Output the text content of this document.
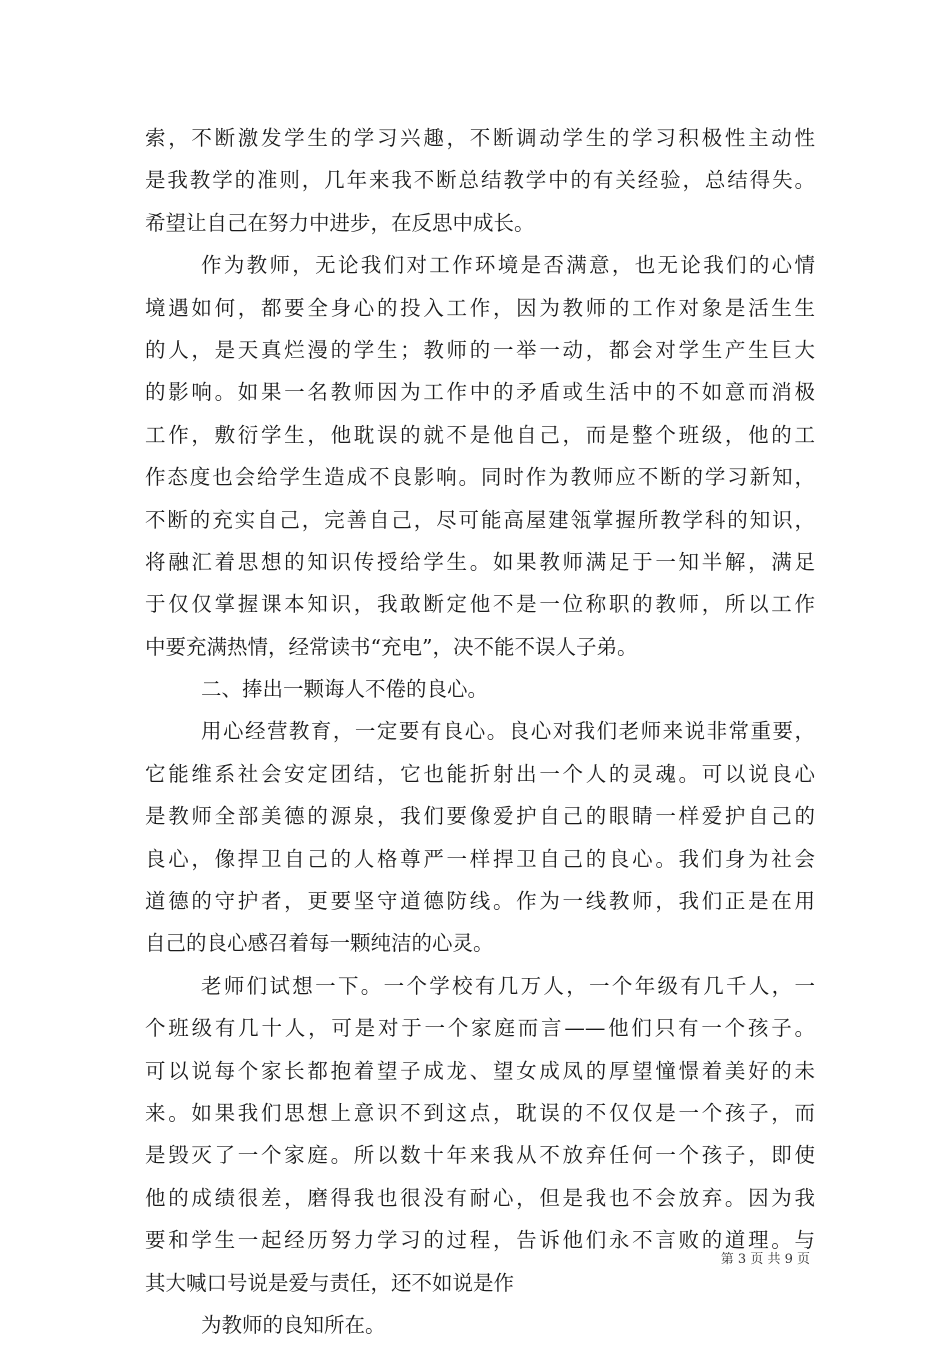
索，不断激发学生的学习兴趣，不断调动学生的学习积极性主动性
是我教学的准则，几年来我不断总结教学中的有关经验，总结得失。
希望让自己在努力中进步，在反思中成长。
作为教师，无论我们对工作环境是否满意，也无论我们的心情
境遇如何，都要全身心的投入工作，因为教师的工作对象是活生生
的人，是天真烂漫的学生；教师的一举一动，都会对学生产生巨大
的影响。如果一名教师因为工作中的矛盾或生活中的不如意而消极
工作，敷衍学生，他耽误的就不是他自己，而是整个班级，他的工
作态度也会给学生造成不良影响。同时作为教师应不断的学习新知，
不断的充实自己，完善自己，尽可能高屋建瓴掌握所教学科的知识，
将融汇着思想的知识传授给学生。如果教师满足于一知半解，满足
于仅仅掌握课本知识，我敢断定他不是一位称职的教师，所以工作
中要充满热情，经常读书“充电”，决不能不误人子弟。
二、捧出一颗诲人不倦的良心。
用心经营教育，一定要有良心。良心对我们老师来说非常重要，
它能维系社会安定团结，它也能折射出一个人的灵魂。可以说良心
是教师全部美德的源泉，我们要像爱护自己的眼睛一样爱护自己的
良心，像捍卫自己的人格尊严一样捍卫自己的良心。我们身为社会
道德的守护者，更要坚守道德防线。作为一线教师，我们正是在用
自己的良心感召着每一颗纯洁的心灵。
老师们试想一下。一个学校有几万人，一个年级有几千人，一
个班级有几十人，可是对于一个家庭而言——他们只有一个孩子。
可以说每个家长都抱着望子成龙、望女成凤的厚望憧憬着美好的未
来。如果我们思想上意识不到这点，耽误的不仅仅是一个孩子，而
是毁灭了一个家庭。所以数十年来我从不放弃任何一个孩子，即使
他的成绩很差，磨得我也很没有耐心，但是我也不会放弃。因为我
要和学生一起经历努力学习的过程，告诉他们永不言败的道理。与
其大喊口号说是爱与责任，还不如说是作
为教师的良知所在。
第 3 页 共 9 页
